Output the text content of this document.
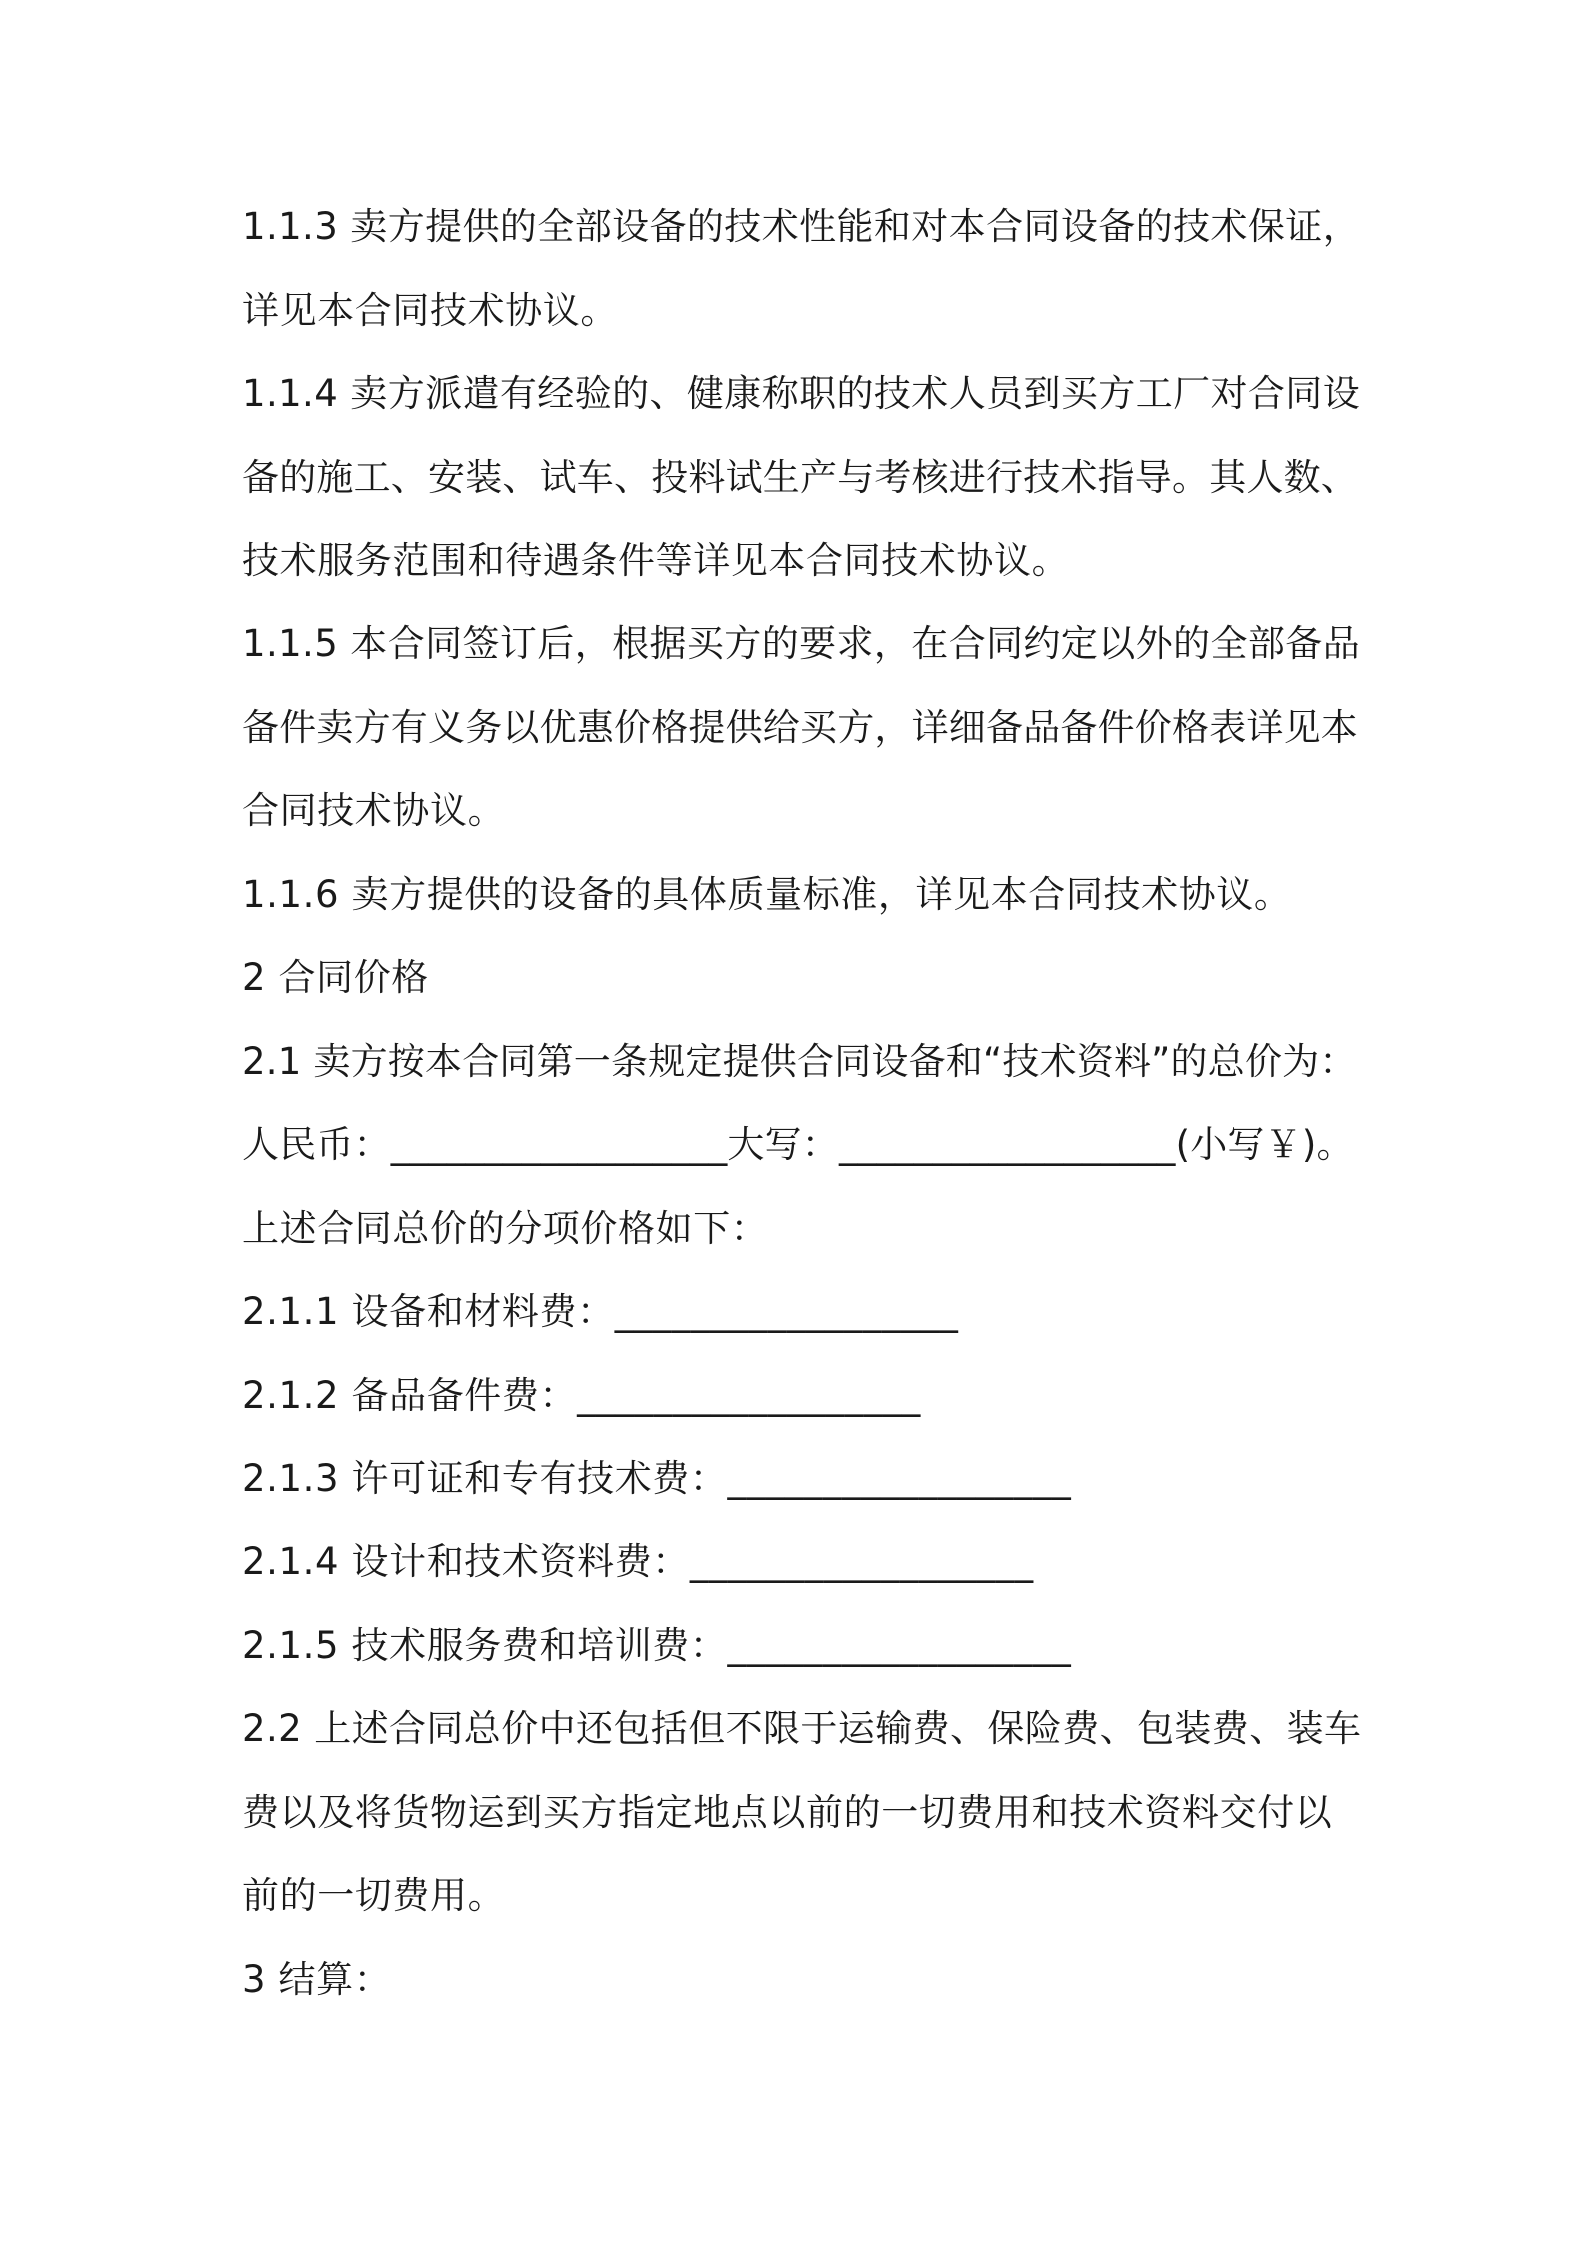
1.1.3 卖方提供的全部设备的技术性能和对本合同设备的技术保证，
详见本合同技术协议。
1.1.4 卖方派遣有经验的、健康称职的技术人员到买方工厂对合同设
备的施工、安装、试车、投料试生产与考核进行技术指导。其人数、
技术服务范围和待遇条件等详见本合同技术协议。
1.1.5 本合同签订后，根据买方的要求，在合同约定以外的全部备品
备件卖方有义务以优惠价格提供给买方，详细备品备件价格表详见本
合同技术协议。
1.1.6 卖方提供的设备的具体质量标准，详见本合同技术协议。
2 合同价格
2.1 卖方按本合同第一条规定提供合同设备和“技术资料”的总价为：
人民币：__________________大写：__________________(小写￥)。
上述合同总价的分项价格如下：
2.1.1 设备和材料费：__________________
2.1.2 备品备件费：__________________
2.1.3 许可证和专有技术费：__________________
2.1.4 设计和技术资料费：__________________
2.1.5 技术服务费和培训费：__________________
2.2 上述合同总价中还包括但不限于运输费、保险费、包装费、装车
费以及将货物运到买方指定地点以前的一切费用和技术资料交付以
前的一切费用。
3 结算：
